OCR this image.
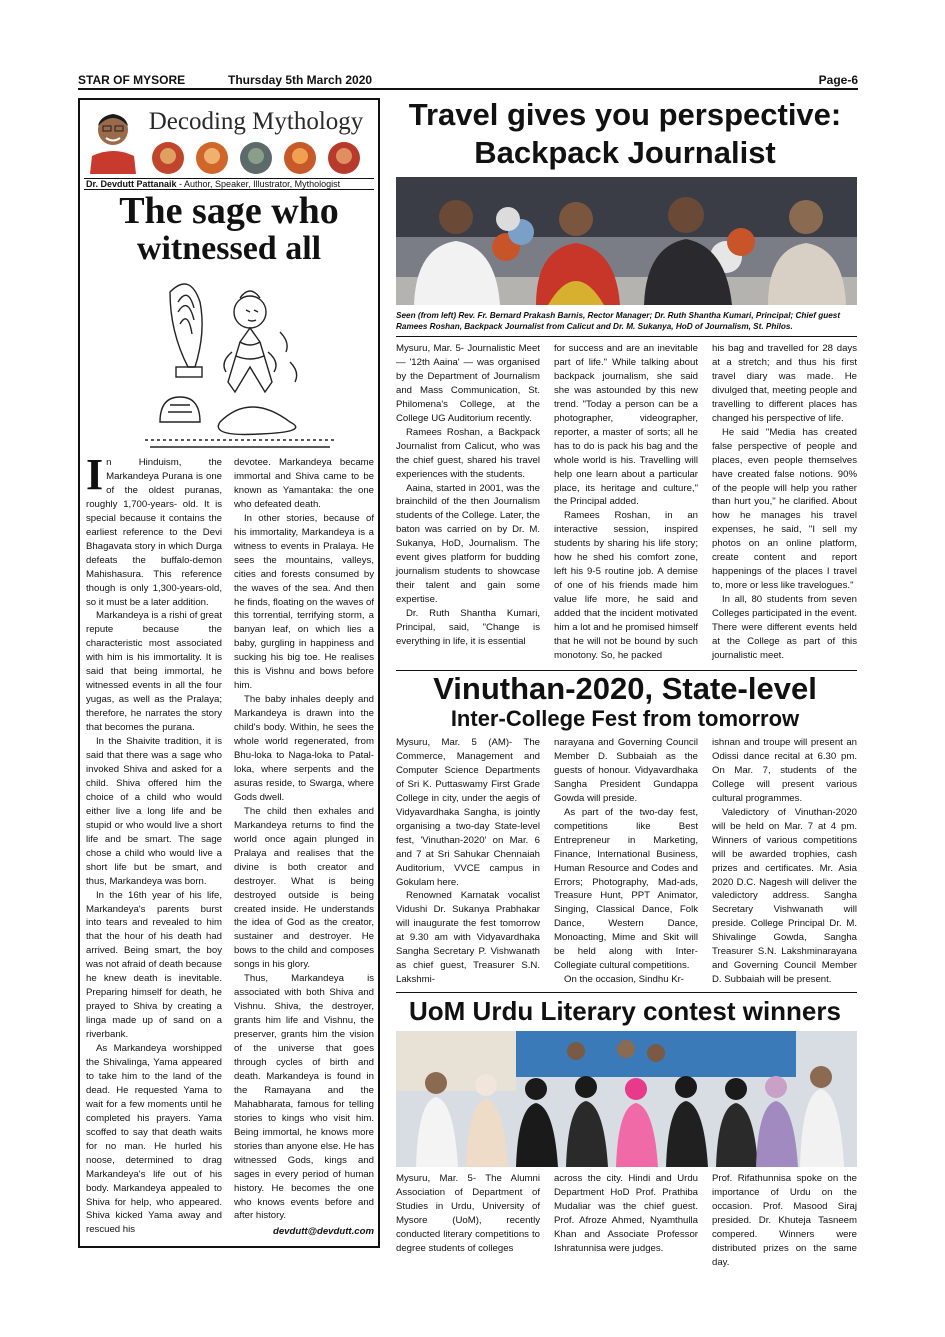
STAR OF MYSORE	Thursday 5th March 2020	Page-6
Decoding Mythology
Dr. Devdutt Pattanaik - Author, Speaker, Illustrator, Mythologist
The sage who
witnessed all

In Hinduism, the Markandeya Purana is one of the oldest puranas, roughly 1,700-years- old. It is special because it contains the earliest reference to the Devi Bhagavata story in which Durga defeats the buffalo-demon Mahishasura. This reference though is only 1,300-years-old, so it must be a later addition.

Markandeya is a rishi of great repute because the characteristic most associated with him is his immortality. It is said that being immortal, he witnessed events in all the four yugas, as well as the Pralaya; therefore, he narrates the story that becomes the purana.

In the Shaivite tradition, it is said that there was a sage who invoked Shiva and asked for a child. Shiva offered him the choice of a child who would either live a long life and be stupid or who would live a short life and be smart. The sage chose a child who would live a short life but be smart, and thus, Markandeya was born.

In the 16th year of his life, Markandeya's parents burst into tears and revealed to him that the hour of his death had arrived. Being smart, the boy was not afraid of death because he knew death is inevitable. Preparing himself for death, he prayed to Shiva by creating a linga made up of sand on a riverbank.

As Markandeya worshipped the Shivalinga, Yama appeared to take him to the land of the dead. He requested Yama to wait for a few moments until he completed his prayers. Yama scoffed to say that death waits for no man. He hurled his noose, determined to drag Markandeya's life out of his body. Markandeya appealed to Shiva for help, who appeared. Shiva kicked Yama away and rescued his

devotee. Markandeya became immortal and Shiva came to be known as Yamantaka: the one who defeated death.

In other stories, because of his immortality, Markandeya is a witness to events in Pralaya. He sees the mountains, valleys, cities and forests consumed by the waves of the sea. And then he finds, floating on the waves of this torrential, terrifying storm, a banyan leaf, on which lies a baby, gurgling in happiness and sucking his big toe. He realises this is Vishnu and bows before him.

The baby inhales deeply and Markandeya is drawn into the child's body. Within, he sees the whole world regenerated, from Bhu-loka to Naga-loka to Patal-loka, where serpents and the asuras reside, to Swarga, where Gods dwell.

The child then exhales and Markandeya returns to find the world once again plunged in Pralaya and realises that the divine is both creator and destroyer. What is being destroyed outside is being created inside. He understands the idea of God as the creator, sustainer and destroyer. He bows to the child and composes songs in his glory.

Thus, Markandeya is associated with both Shiva and Vishnu. Shiva, the destroyer, grants him life and Vishnu, the preserver, grants him the vision of the universe that goes through cycles of birth and death. Markandeya is found in the Ramayana and the Mahabharata, famous for telling stories to kings who visit him. Being immortal, he knows more stories than anyone else. He has witnessed Gods, kings and sages in every period of human history. He becomes the one who knows events before and after history.

devdutt@devdutt.com

Travel gives you perspective:
Backpack Journalist
Seen (from left) Rev. Fr. Bernard Prakash Barnis, Rector Manager; Dr. Ruth Shantha Kumari, Principal; Chief guest Ramees Roshan, Backpack Journalist from Calicut and Dr. M. Sukanya, HoD of Journalism, St. Philos.

Mysuru, Mar. 5- Journalistic Meet — '12th Aaina' — was organised by the Department of Journalism and Mass Communication, St. Philomena's College, at the College UG Auditorium recently.

Ramees Roshan, a Backpack Journalist from Calicut, who was the chief guest, shared his travel experiences with the students.

Aaina, started in 2001, was the brainchild of the then Journalism students of the College. Later, the baton was carried on by Dr. M. Sukanya, HoD, Journalism. The event gives platform for budding journalism students to showcase their talent and gain some expertise.

Dr. Ruth Shantha Kumari, Principal, said, "Change is everything in life, it is essential

for success and are an inevitable part of life." While talking about backpack journalism, she said she was astounded by this new trend. "Today a person can be a photographer, videographer, reporter, a master of sorts; all he has to do is pack his bag and the whole world is his. Travelling will help one learn about a particular place, its heritage and culture," the Principal added.

Ramees Roshan, in an interactive session, inspired students by sharing his life story; how he shed his comfort zone, left his 9-5 routine job. A demise of one of his friends made him value life more, he said and added that the incident motivated him a lot and he promised himself that he will not be bound by such monotony. So, he packed

his bag and travelled for 28 days at a stretch; and thus his first travel diary was made. He divulged that, meeting people and travelling to different places has changed his perspective of life.

He said "Media has created false perspective of people and places, even people themselves have created false notions. 90% of the people will help you rather than hurt you," he clarified. About how he manages his travel expenses, he said, "I sell my photos on an online platform, create content and report happenings of the places I travel to, more or less like travelogues."

In all, 80 students from seven Colleges participated in the event. There were different events held at the College as part of this journalistic meet.

Vinuthan-2020, State-level
Inter-College Fest from tomorrow

Mysuru, Mar. 5 (AM)- The Commerce, Management and Computer Science Departments of Sri K. Puttaswamy First Grade College in city, under the aegis of Vidyavardhaka Sangha, is jointly organising a two-day State-level fest, 'Vinuthan-2020' on Mar. 6 and 7 at Sri Sahukar Chennaiah Auditorium, VVCE campus in Gokulam here.

Renowned Karnatak vocalist Vidushi Dr. Sukanya Prabhakar will inaugurate the fest tomorrow at 9.30 am with Vidyavardhaka Sangha Secretary P. Vishwanath as chief guest, Treasurer S.N. Lakshmi-

narayana and Governing Council Member D. Subbaiah as the guests of honour. Vidyavardhaka Sangha President Gundappa Gowda will preside.

As part of the two-day fest, competitions like Best Entrepreneur in Marketing, Finance, International Business, Human Resource and Codes and Errors; Photography, Mad-ads, Treasure Hunt, PPT Animator, Singing, Classical Dance, Folk Dance, Western Dance, Monoacting, Mime and Skit will be held along with Inter-Collegiate cultural competitions.

On the occasion, Sindhu Kr-

ishnan and troupe will present an Odissi dance recital at 6.30 pm. On Mar. 7, students of the College will present various cultural programmes.

Valedictory of Vinuthan-2020 will be held on Mar. 7 at 4 pm. Winners of various competitions will be awarded trophies, cash prizes and certificates. Mr. Asia 2020 D.C. Nagesh will deliver the valedictory address. Sangha Secretary Vishwanath will preside. College Principal Dr. M. Shivalinge Gowda, Sangha Treasurer S.N. Lakshminarayana and Governing Council Member D. Subbaiah will be present.

UoM Urdu Literary contest winners

Mysuru, Mar. 5- The Alumni Association of Department of Studies in Urdu, University of Mysore (UoM), recently conducted literary competitions to degree students of colleges

across the city. Hindi and Urdu Department HoD Prof. Prathiba Mudaliar was the chief guest. Prof. Afroze Ahmed, Nyamthulla Khan and Associate Professor Ishratunnisa were judges.

Prof. Rifathunnisa spoke on the importance of Urdu on the occasion. Prof. Masood Siraj presided. Dr. Khuteja Tasneem compered. Winners were distributed prizes on the same day.
